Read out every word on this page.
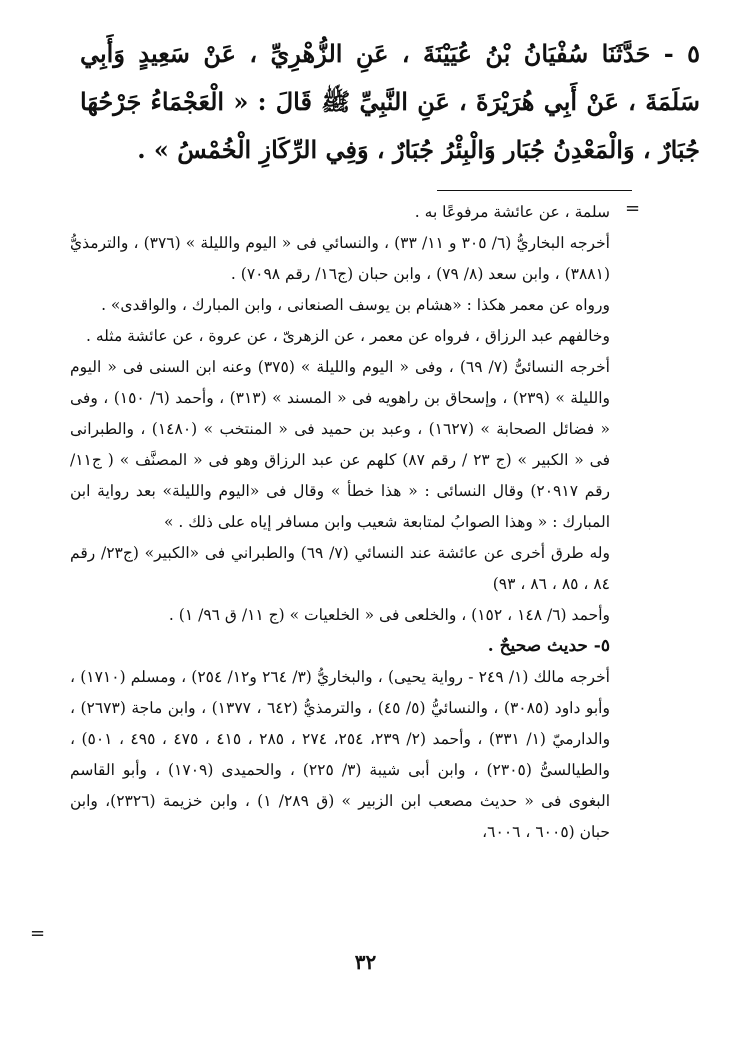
٥ - حَدَّثَنَا سُفْيَانُ بْنُ عُيَيْنَةَ ، عَنِ الزُّهْرِيِّ ، عَنْ سَعِيدٍ وَأَبِي سَلَمَةَ ، عَنْ أَبِي هُرَيْرَةَ ، عَنِ النَّبِيِّ ﷺ قَالَ : « الْعَجْمَاءُ جَرْحُهَا جُبَارٌ ، وَالْمَعْدِنُ جُبَار وَالْبِئْرُ جُبَارٌ ، وَفِي الرِّكَازِ الْخُمْسُ » .

=

سلمة ، عن عائشة مرفوعًا به .

أخرجه البخاريُّ (٦/ ٣٠٥ و ١١/ ٣٣) ، والنسائي فى « اليوم والليلة » (٣٧٦) ، والترمذيُّ (٣٨٨١) ، وابن سعد (٨/ ٧٩) ، وابن حبان (ج١٦/ رقم ٧٠٩٨) .

ورواه عن معمر هكذا : «هشام بن يوسف الصنعانى ، وابن المبارك ، والواقدى» .

وخالفهم عبد الرزاق ، فرواه عن معمر ، عن الزهرىّ ، عن عروة ، عن عائشة مثله .

أخرجه النسائىُّ (٧/ ٦٩) ، وفى « اليوم والليلة » (٣٧٥) وعنه ابن السنى فى « اليوم والليلة » (٢٣٩) ، وإسحاق بن راهويه فى « المسند » (٣١٣) ، وأحمد (٦/ ١٥٠) ، وفى « فضائل الصحابة » (١٦٢٧) ، وعبد بن حميد فى « المنتخب » (١٤٨٠) ، والطبرانى فى « الكبير » (ج ٢٣ / رقم ٨٧) كلهم عن عبد الرزاق وهو فى « المصنَّف » ( ج١١/ رقم ٢٠٩١٧) وقال النسائى : « هذا خطأ » وقال فى «اليوم والليلة» بعد رواية ابن المبارك : « وهذا الصوابُ لمتابعة شعيب وابن مسافر إياه على ذلك . »

وله طرق أخرى عن عائشة عند النسائي (٧/ ٦٩) والطبراني فى «الكبير» (ج٢٣/ رقم ٨٤ ، ٨٥ ، ٨٦ ، ٩٣)

وأحمد (٦/ ١٤٨ ، ١٥٢) ، والخلعى فى « الخلعيات » (ج ١١/ ق ٩٦/ ١) .

٥- حديث صحيحٌ .

أخرجه مالك (١/ ٢٤٩ - رواية يحيى) ، والبخاريُّ (٣/ ٢٦٤ و١٢/ ٢٥٤) ، ومسلم (١٧١٠) ، وأبو داود (٣٠٨٥) ، والنسائيُّ (٥/ ٤٥) ، والترمذيُّ (٦٤٢ ، ١٣٧٧) ، وابن ماجة (٢٦٧٣) ، والدارميّ (١/ ٣٣١) ، وأحمد (٢/ ٢٣٩، ٢٥٤، ٢٧٤ ، ٢٨٥ ، ٤١٥ ، ٤٧٥ ، ٤٩٥ ، ٥٠١) ، والطيالسىُّ (٢٣٠٥) ، وابن أبى شيبة (٣/ ٢٢٥) ، والحميدى (١٧٠٩) ، وأبو القاسم البغوى فى « حديث مصعب ابن الزبير » (ق ٢٨٩/ ١) ، وابن خزيمة (٢٣٢٦)، وابن حبان (٦٠٠٥ ، ٦٠٠٦،

=
٣٢
